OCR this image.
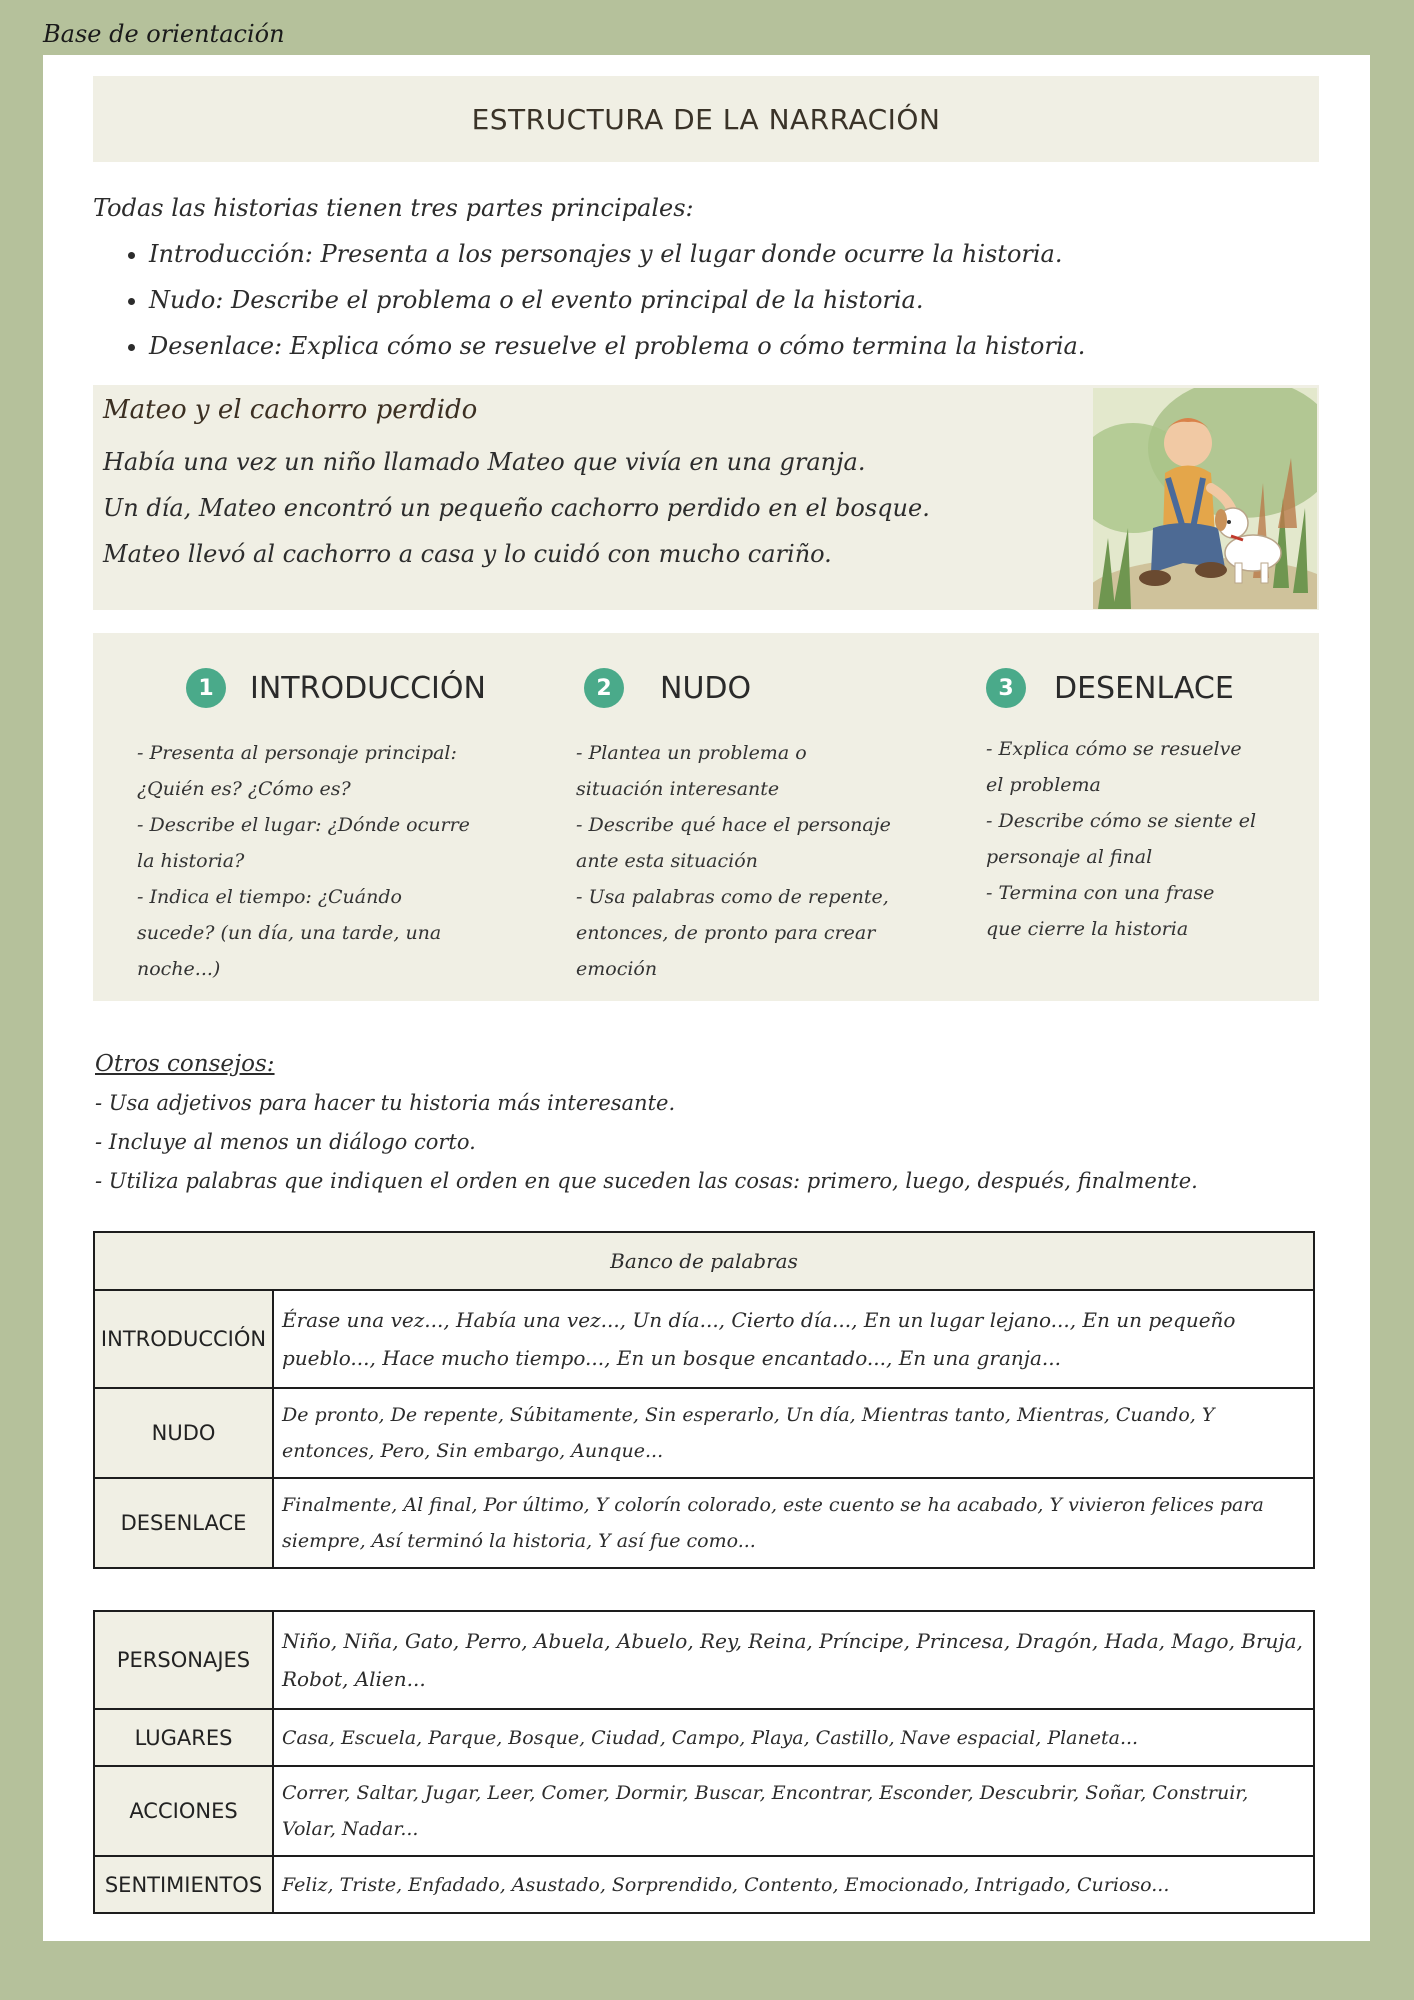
Base de orientación
ESTRUCTURA DE LA NARRACIÓN
Todas las historias tienen tres partes principales:
• Introducción: Presenta a los personajes y el lugar donde ocurre la historia.
• Nudo: Describe el problema o el evento principal de la historia.
• Desenlace: Explica cómo se resuelve el problema o cómo termina la historia.
Mateo y el cachorro perdido
Había una vez un niño llamado Mateo que vivía en una granja.
Un día, Mateo encontró un pequeño cachorro perdido en el bosque.
Mateo llevó al cachorro a casa y lo cuidó con mucho cariño.
1	INTRODUCCIÓN
- Presenta al personaje principal:
¿Quién es? ¿Cómo es?
- Describe el lugar: ¿Dónde ocurre
la historia?
- Indica el tiempo: ¿Cuándo
sucede? (un día, una tarde, una
noche...)
2	NUDO
- Plantea un problema o
situación interesante
- Describe qué hace el personaje
ante esta situación
- Usa palabras como de repente,
entonces, de pronto para crear
emoción
3	DESENLACE
- Explica cómo se resuelve
el problema
- Describe cómo se siente el
personaje al final
- Termina con una frase
que cierre la historia
Otros consejos:
- Usa adjetivos para hacer tu historia más interesante.
- Incluye al menos un diálogo corto.
- Utiliza palabras que indiquen el orden en que suceden las cosas: primero, luego, después, finalmente.
Banco de palabras	
INTRODUCCIÓN	Érase una vez..., Había una vez..., Un día..., Cierto día..., En un lugar lejano..., En un pequeño pueblo..., Hace mucho tiempo..., En un bosque encantado..., En una granja...
NUDO	De pronto, De repente, Súbitamente, Sin esperarlo, Un día, Mientras tanto, Mientras, Cuando, Y entonces, Pero, Sin embargo, Aunque...
DESENLACE	Finalmente, Al final, Por último, Y colorín colorado, este cuento se ha acabado, Y vivieron felices para siempre, Así terminó la historia, Y así fue como...
PERSONAJES	Niño, Niña, Gato, Perro, Abuela, Abuelo, Rey, Reina, Príncipe, Princesa, Dragón, Hada, Mago, Bruja, Robot, Alien...
LUGARES	Casa, Escuela, Parque, Bosque, Ciudad, Campo, Playa, Castillo, Nave espacial, Planeta...
ACCIONES	Correr, Saltar, Jugar, Leer, Comer, Dormir, Buscar, Encontrar, Esconder, Descubrir, Soñar, Construir, Volar, Nadar...
SENTIMIENTOS	Feliz, Triste, Enfadado, Asustado, Sorprendido, Contento, Emocionado, Intrigado, Curioso...
